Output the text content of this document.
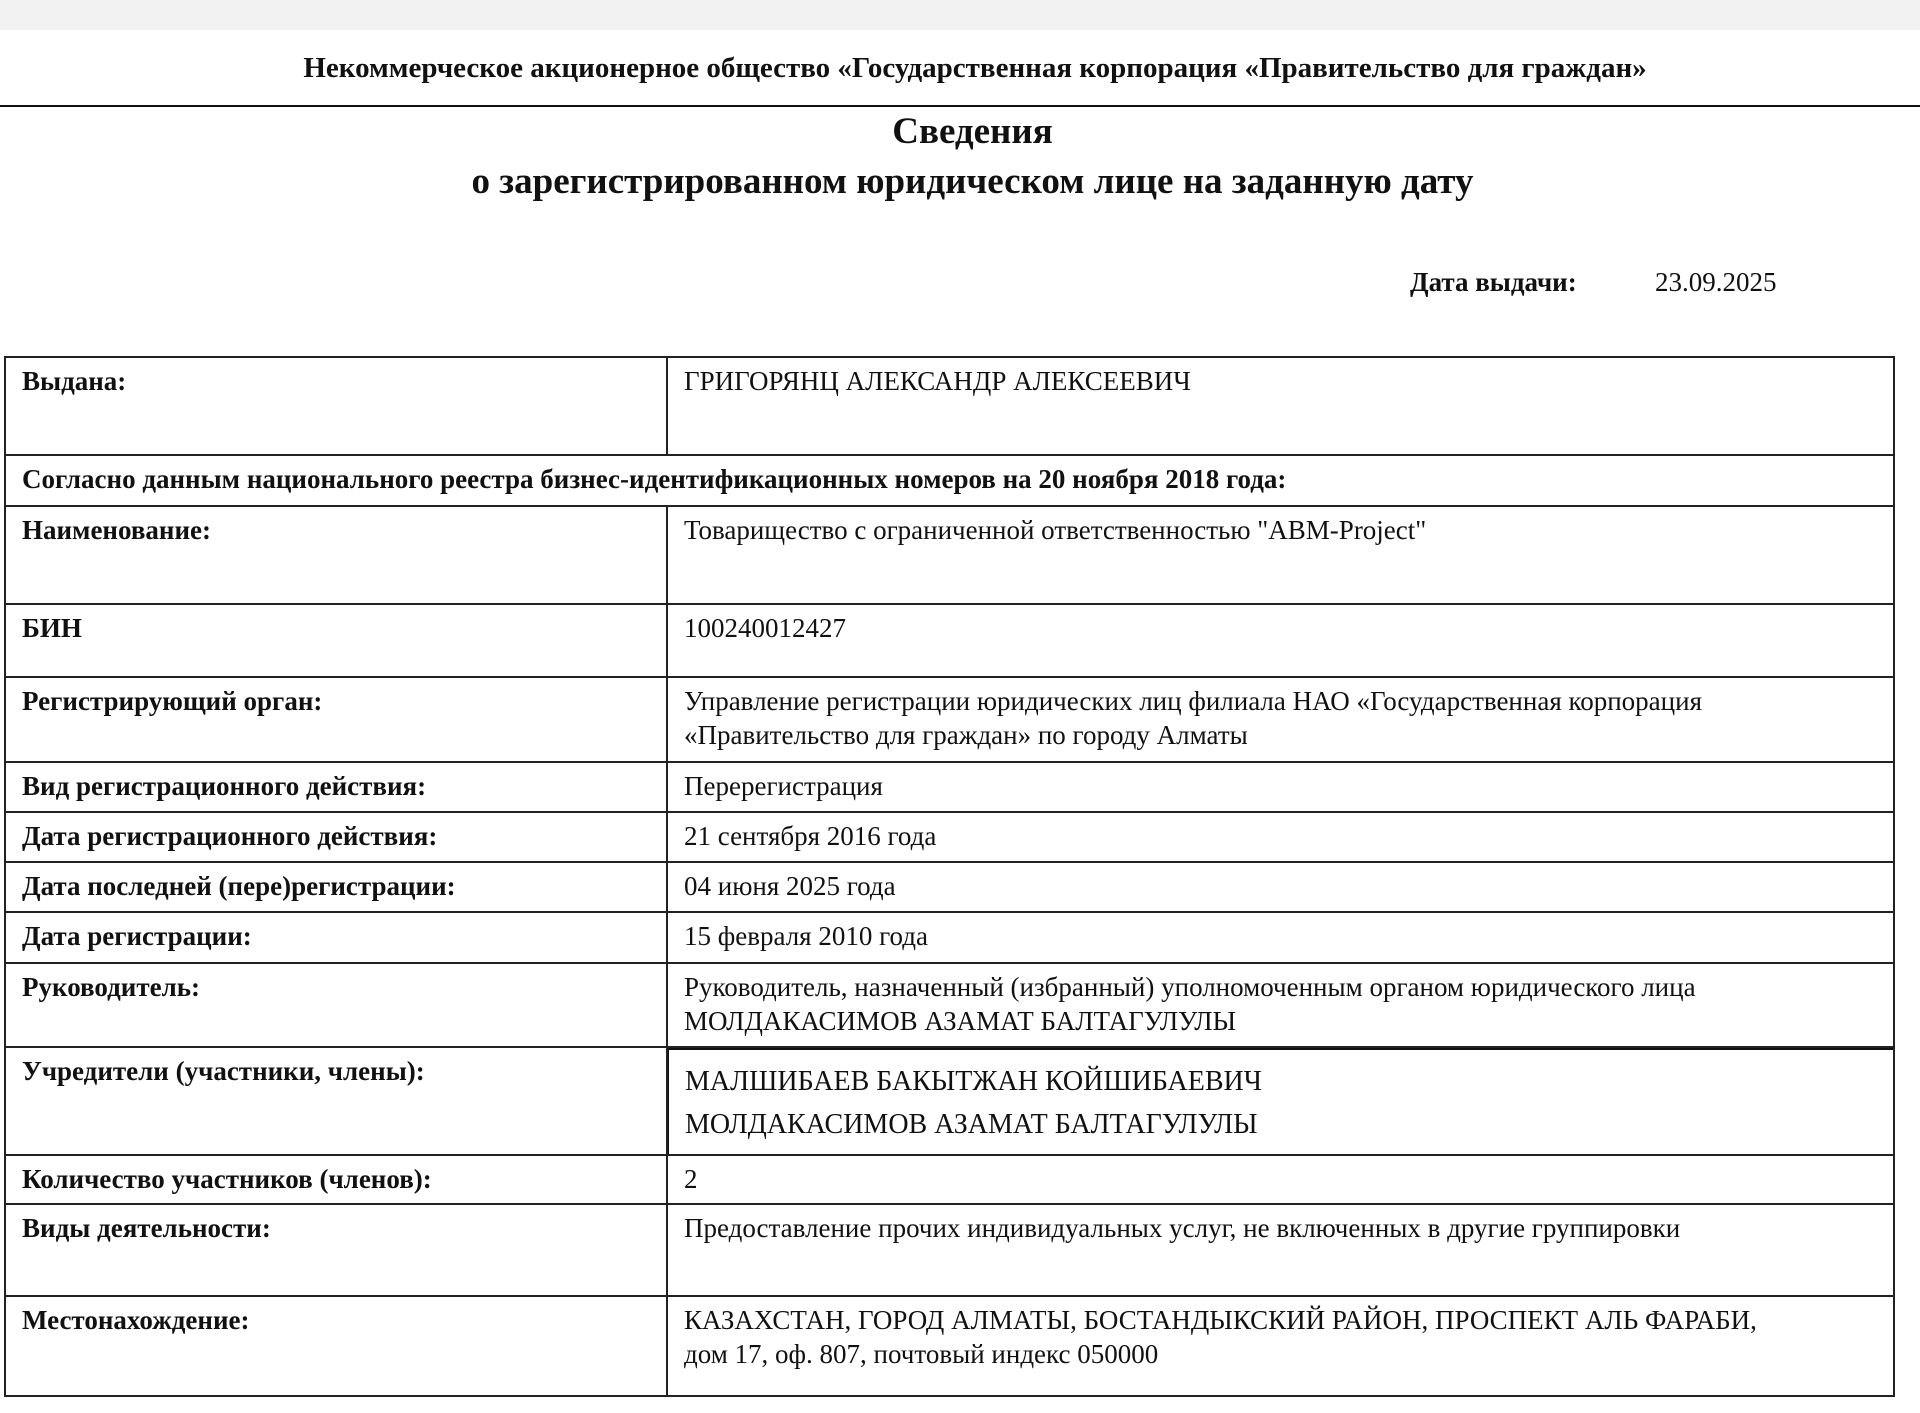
Некоммерческое акционерное общество «Государственная корпорация «Правительство для граждан»
Сведения
о зарегистрированном юридическом лице на заданную дату
Дата выдачи:	23.09.2025
Выдана:	ГРИГОРЯНЦ АЛЕКСАНДР АЛЕКСЕЕВИЧ
Согласно данным национального реестра бизнес-идентификационных номеров на 20 ноября 2018 года:	
Наименование:	Товарищество с ограниченной ответственностью "ABM-Project"
БИН	100240012427
Регистрирующий орган:	Управление регистрации юридических лиц филиала НАО «Государственная корпорация «Правительство для граждан» по городу Алматы
Вид регистрационного действия:	Перерегистрация
Дата регистрационного действия:	21 сентября 2016 года
Дата последней (пере)регистрации:	04 июня 2025 года
Дата регистрации:	15 февраля 2010 года
Руководитель:	Руководитель, назначенный (избранный) уполномоченным органом юридического лица
МОЛДАКАСИМОВ АЗАМАТ БАЛТАГУЛУЛЫ

Учредители (участники, члены):	МАЛШИБАЕВ БАКЫТЖАН КОЙШИБАЕВИЧ
МОЛДАКАСИМОВ АЗАМАТ БАЛТАГУЛУЛЫ

Количество участников (членов):	2
Виды деятельности:	Предоставление прочих индивидуальных услуг, не включенных в другие группировки
Местонахождение:	КАЗАХСТАН, ГОРОД АЛМАТЫ, БОСТАНДЫКСКИЙ РАЙОН, ПРОСПЕКТ АЛЬ ФАРАБИ,
дом 17, оф. 807, почтовый индекс 050000
